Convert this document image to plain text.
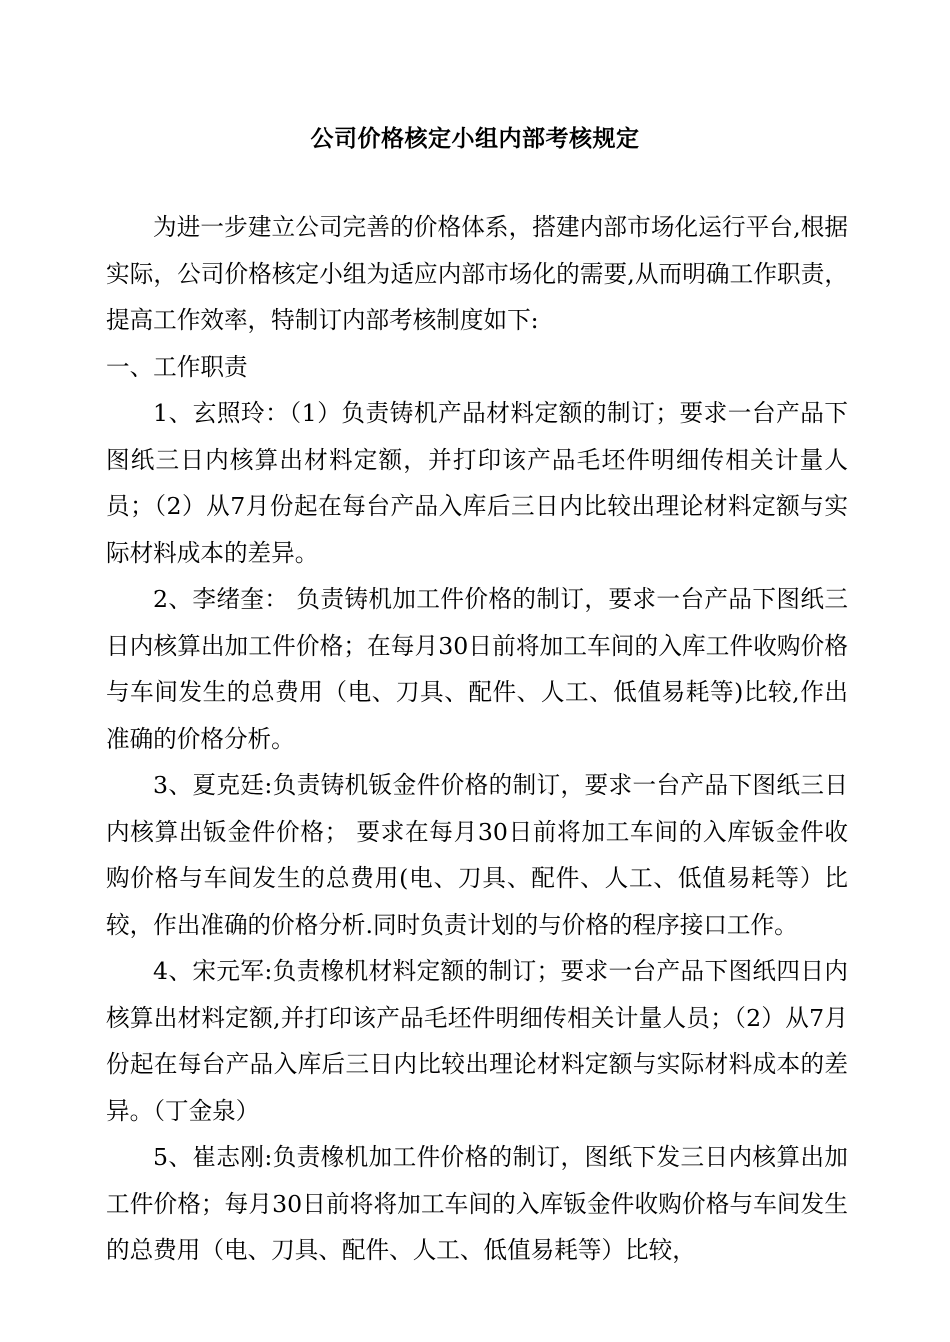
公司价格核定小组内部考核规定

为进一步建立公司完善的价格体系，搭建内部市场化运行平台,根据实际，公司价格核定小组为适应内部市场化的需要,从而明确工作职责，提高工作效率，特制订内部考核制度如下:

一、工作职责

1、玄照玲：（1）负责铸机产品材料定额的制订；要求一台产品下图纸三日内核算出材料定额，并打印该产品毛坯件明细传相关计量人员；（2）从7月份起在每台产品入库后三日内比较出理论材料定额与实际材料成本的差异。

2、李绪奎： 负责铸机加工件价格的制订，要求一台产品下图纸三日内核算出加工件价格；在每月30日前将加工车间的入库工件收购价格与车间发生的总费用（电、刀具、配件、人工、低值易耗等)比较,作出准确的价格分析。

3、夏克廷:负责铸机钣金件价格的制订，要求一台产品下图纸三日内核算出钣金件价格； 要求在每月30日前将加工车间的入库钣金件收购价格与车间发生的总费用(电、刀具、配件、人工、低值易耗等）比较，作出准确的价格分析.同时负责计划的与价格的程序接口工作。

4、宋元军:负责橡机材料定额的制订；要求一台产品下图纸四日内核算出材料定额,并打印该产品毛坯件明细传相关计量人员；（2）从7月份起在每台产品入库后三日内比较出理论材料定额与实际材料成本的差异。（丁金泉）

5、崔志刚:负责橡机加工件价格的制订，图纸下发三日内核算出加工件价格；每月30日前将将加工车间的入库钣金件收购价格与车间发生的总费用（电、刀具、配件、人工、低值易耗等）比较，
